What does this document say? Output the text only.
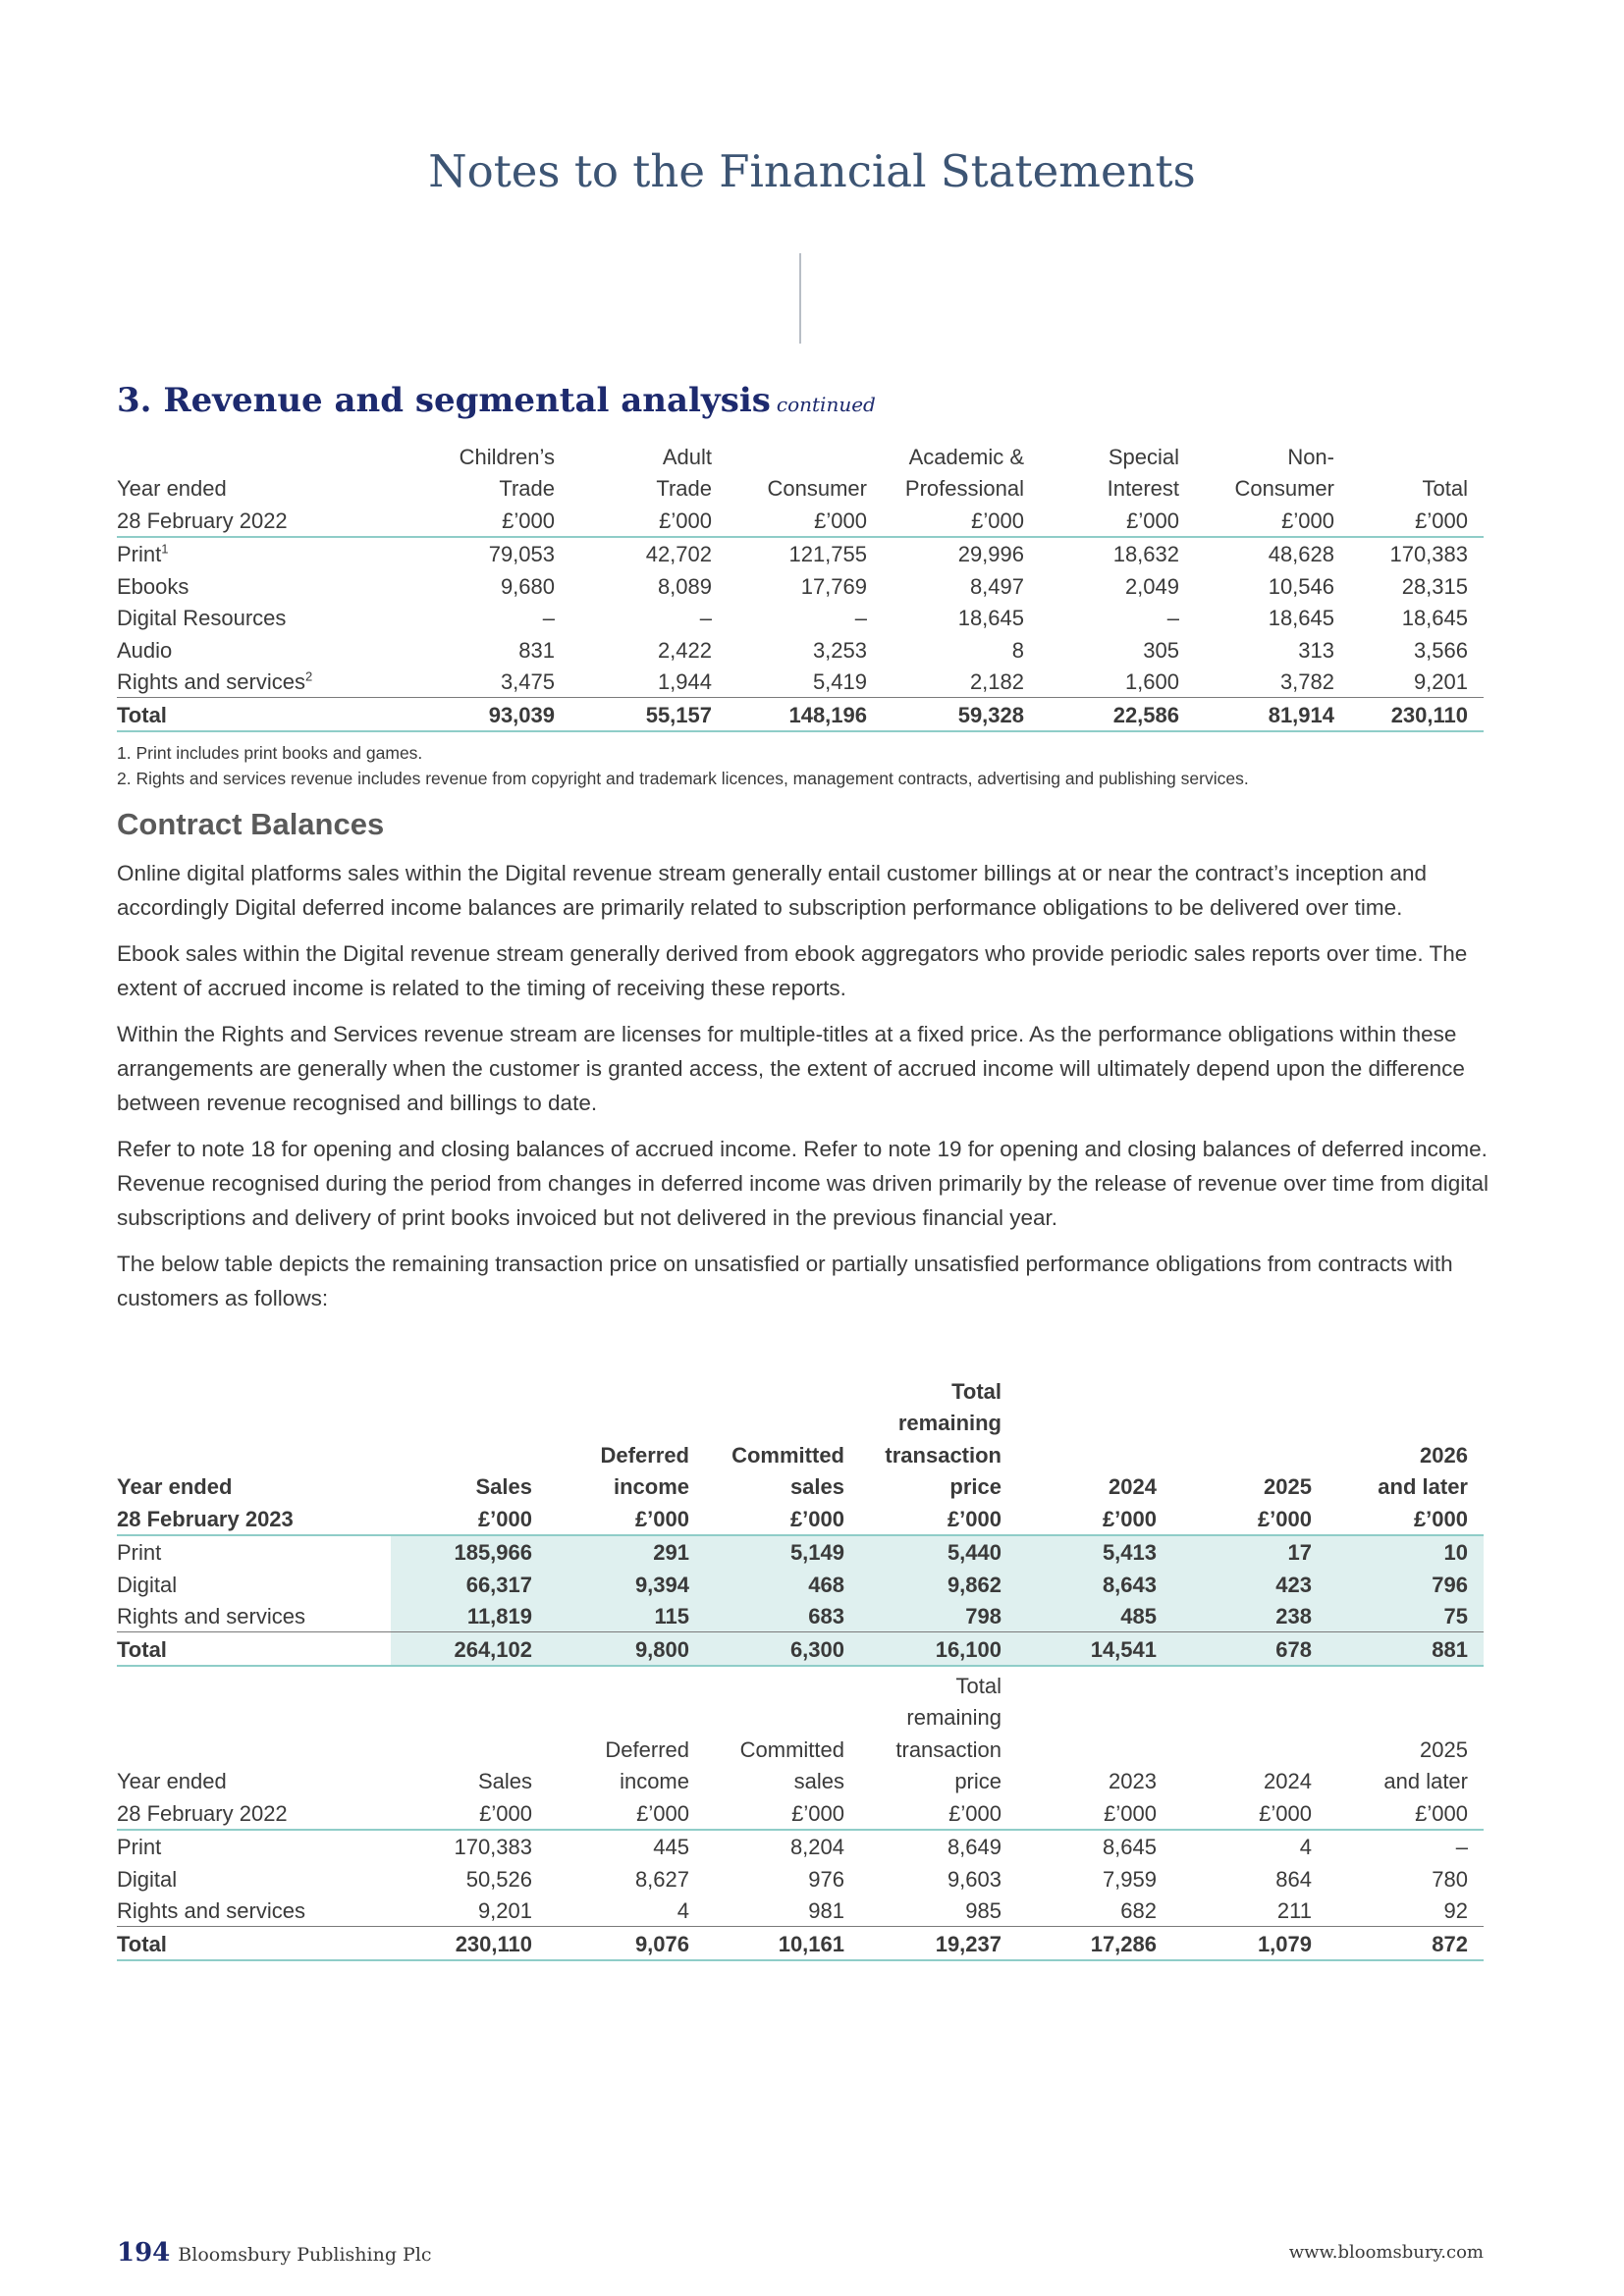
Notes to the Financial Statements
3. Revenue and segmental analysis continued
	Children’s	Adult		Academic &	Special	Non-	
Year ended	Trade	Trade	Consumer	Professional	Interest	Consumer	Total
28 February 2022	£’000	£’000	£’000	£’000	£’000	£’000	£’000
Print$^1$	79,053	42,702	121,755	29,996	18,632	48,628	170,383
Ebooks	9,680	8,089	17,769	8,497	2,049	10,546	28,315
Digital Resources	–	–	–	18,645	–	18,645	18,645
Audio	831	2,422	3,253	8	305	313	3,566
Rights and services$^2$	3,475	1,944	5,419	2,182	1,600	3,782	9,201
Total	93,039	55,157	148,196	59,328	22,586	81,914	230,110
1. Print includes print books and games.
2. Rights and services revenue includes revenue from copyright and trademark licences, management contracts, advertising and publishing services.
Contract Balances

Online digital platforms sales within the Digital revenue stream generally entail customer billings at or near the contract’s inception and accordingly Digital deferred income balances are primarily related to subscription performance obligations to be delivered over time.

Ebook sales within the Digital revenue stream generally derived from ebook aggregators who provide periodic sales reports over time. The extent of accrued income is related to the timing of receiving these reports.

Within the Rights and Services revenue stream are licenses for multiple-titles at a fixed price. As the performance obligations within these arrangements are generally when the customer is granted access, the extent of accrued income will ultimately depend upon the difference between revenue recognised and billings to date.

Refer to note 18 for opening and closing balances of accrued income. Refer to note 19 for opening and closing balances of deferred income. Revenue recognised during the period from changes in deferred income was driven primarily by the release of revenue over time from digital subscriptions and delivery of print books invoiced but not delivered in the previous financial year.

The below table depicts the remaining transaction price on unsatisfied or partially unsatisfied performance obligations from contracts with customers as follows:

				Total			
				remaining			
		Deferred	Committed	transaction			2026
Year ended	Sales	income	sales	price	2024	2025	and later
28 February 2023	£’000	£’000	£’000	£’000	£’000	£’000	£’000
Print	185,966	291	5,149	5,440	5,413	17	10
Digital	66,317	9,394	468	9,862	8,643	423	796
Rights and services	11,819	115	683	798	485	238	75
Total	264,102	9,800	6,300	16,100	14,541	678	881
				Total			
				remaining			
		Deferred	Committed	transaction			2025
Year ended	Sales	income	sales	price	2023	2024	and later
28 February 2022	£’000	£’000	£’000	£’000	£’000	£’000	£’000
Print	170,383	445	8,204	8,649	8,645	4	–
Digital	50,526	8,627	976	9,603	7,959	864	780
Rights and services	9,201	4	981	985	682	211	92
Total	230,110	9,076	10,161	19,237	17,286	1,079	872
194 Bloomsbury Publishing Plc	www.bloomsbury.com
